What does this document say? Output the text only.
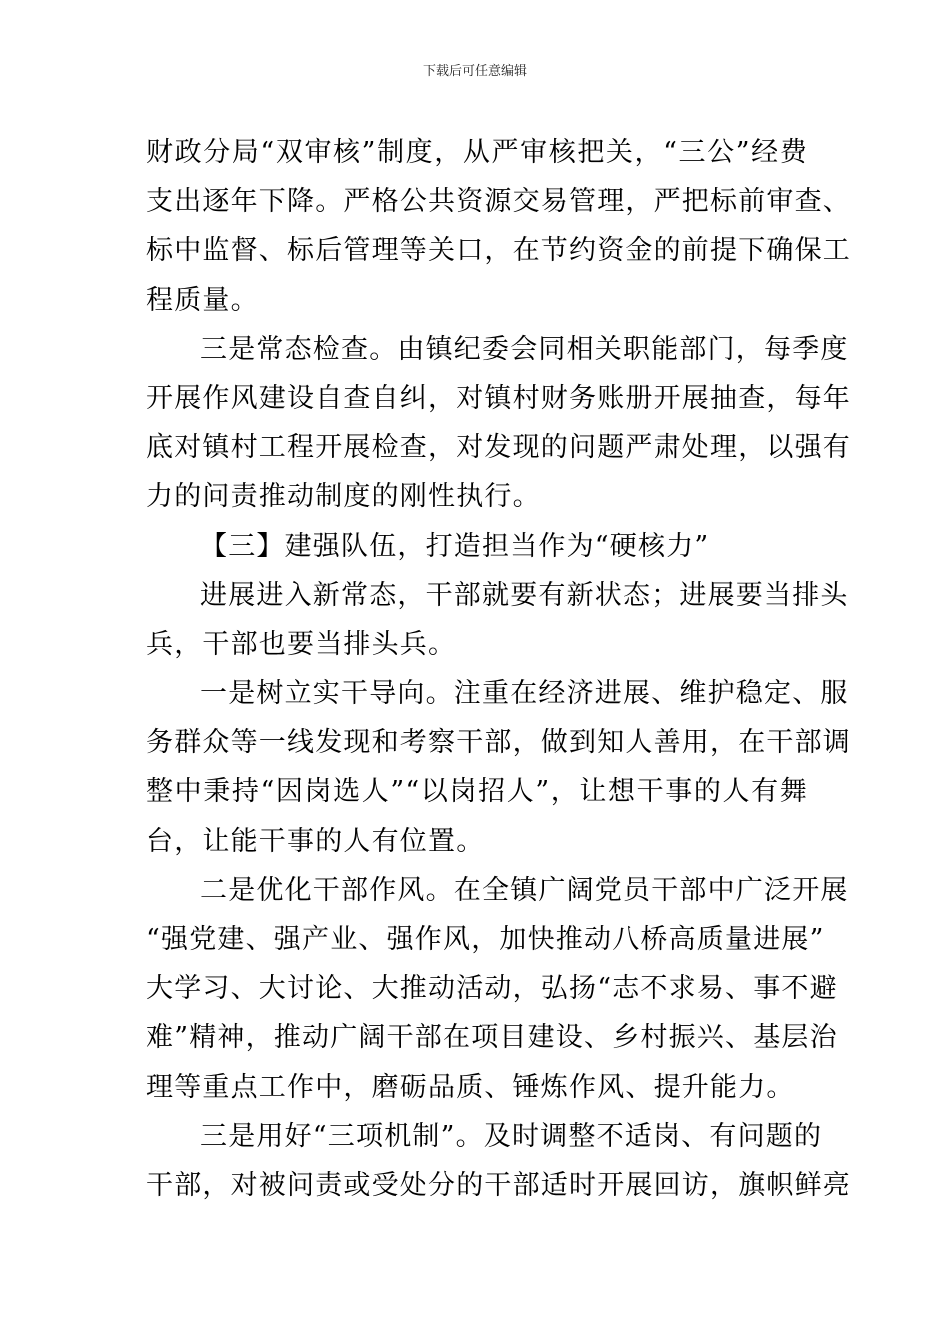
下载后可任意编辑
财政分局“双审核”制度，从严审核把关，“三公”经费
支出逐年下降。严格公共资源交易管理，严把标前审查、
标中监督、标后管理等关口，在节约资金的前提下确保工
程质量。
三是常态检查。由镇纪委会同相关职能部门，每季度
开展作风建设自查自纠，对镇村财务账册开展抽查，每年
底对镇村工程开展检查，对发现的问题严肃处理，以强有
力的问责推动制度的刚性执行。
【三】建强队伍，打造担当作为“硬核力”
进展进入新常态，干部就要有新状态；进展要当排头
兵，干部也要当排头兵。
一是树立实干导向。注重在经济进展、维护稳定、服
务群众等一线发现和考察干部，做到知人善用，在干部调
整中秉持“因岗选人”“以岗招人”，让想干事的人有舞
台，让能干事的人有位置。
二是优化干部作风。在全镇广阔党员干部中广泛开展
“强党建、强产业、强作风，加快推动八桥高质量进展”
大学习、大讨论、大推动活动，弘扬“志不求易、事不避
难”精神，推动广阔干部在项目建设、乡村振兴、基层治
理等重点工作中，磨砺品质、锤炼作风、提升能力。
三是用好“三项机制”。及时调整不适岗、有问题的
干部，对被问责或受处分的干部适时开展回访，旗帜鲜亮
